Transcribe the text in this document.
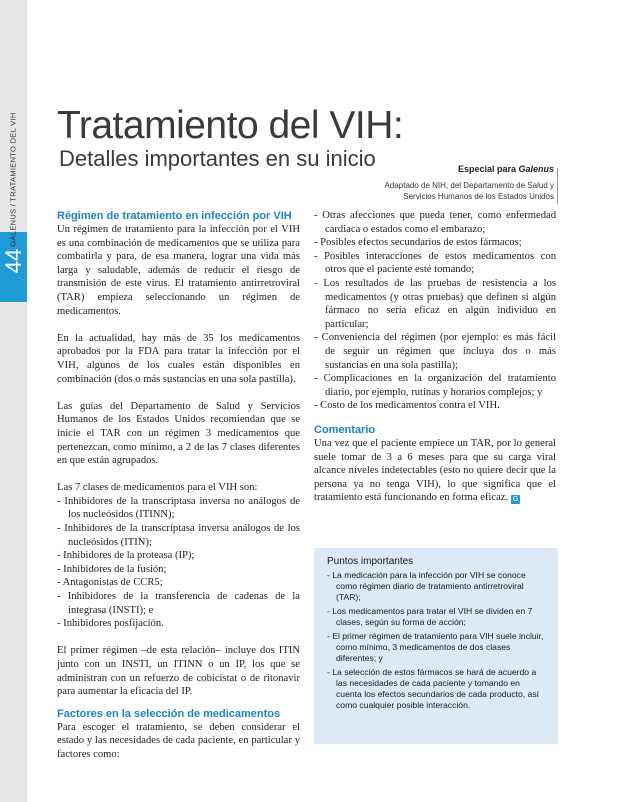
44
GALENUS / TRATAMIENTO DEL VIH Tratamiento del VIH:
Detalles importantes en su inicio	Especial para Galenus
Adaptado de NIH, del Departamento de Salud y Servicios Humanos de los Estados Unidos
Régimen de tratamiento en infección por VIH

Un régimen de tratamiento para la infección por el VIH es una combinación de medicamentos que se utiliza para combatirla y para, de esa manera, lograr una vida más larga y saludable, además de reducir el riesgo de transmisión de este virus. El tratamiento antirretroviral (TAR) empieza seleccionando un régimen de medicamentos.

En la actualidad, hay más de 35 los medicamentos aprobados por la FDA para tratar la infección por el VIH, algunos de los cuales están disponibles en combinación (dos o más sustancias en una sola pastilla).

Las guías del Departamento de Salud y Servicios Humanos de los Estados Unidos recomiendan que se inicie el TAR con un régimen 3 medicamentos que pertenezcan, como mínimo, a 2 de las 7 clases diferentes en que están agrupados.

Las 7 clases de medicamentos para el VIH son:

- Inhibidores de la transcriptasa inversa no análogos de los nucleósidos (ITINN);
- Inhibidores de la transcriptasa inversa análogos de los nucleósidos (ITIN);
- Inhibidores de la proteasa (IP);
- Inhibidores de la fusión;
- Antagonistas de CCR5;
- Inhibidores de la transferencia de cadenas de la integrasa (INSTI); e
- Inhibidores posfijación.

El primer régimen –de esta relación– incluye dos ITIN junto con un INSTI, un ITINN o un IP, los que se administran con un refuerzo de cobicistat o de ritonavir para aumentar la eficacia del IP.

Factores en la selección de medicamentos

Para escoger el tratamiento, se deben considerar el estado y las necesidades de cada paciente, en particular y factores como:

- Otras afecciones que pueda tener, como enfermedad cardiaca o estados como el embarazo;
- Posibles efectos secundarios de estos fármacos;
- Posibles interacciones de estos medicamentos con otros que el paciente esté tomando;
- Los resultados de las pruebas de resistencia a los medicamentos (y otras pruebas) que definen si algún fármaco no sería eficaz en algún individuo en particular;
- Conveniencia del régimen (por ejemplo: es más fácil de seguir un régimen que incluya dos o más sustancias en una sola pastilla);
- Complicaciones en la organización del tratamiento diario, por ejemplo, rutinas y horarios complejos; y
- Costo de los medicamentos contra el VIH.
Comentario

Una vez que el paciente empiece un TAR, por lo general suele tomar de 3 a 6 meses para que su carga viral alcance niveles indetectables (esto no quiere decir que la persona ya no tenga VIH), lo que significa que el tratamiento está funcionando en forma eficaz. G

Puntos importantes
- La medicación para la infección por VIH se conoce como régimen diario de tratamiento antirretroviral (TAR);
- Los medicamentos para tratar el VIH se dividen en 7 clases, según su forma de acción;
- El primer régimen de tratamiento para VIH suele incluir, como mínimo, 3 medicamentos de dos clases diferentes; y
- La selección de estos fármacos se hará de acuerdo a las necesidades de cada paciente y tomando en cuenta los efectos secundarios de cada producto, así como cualquier posible interacción.
